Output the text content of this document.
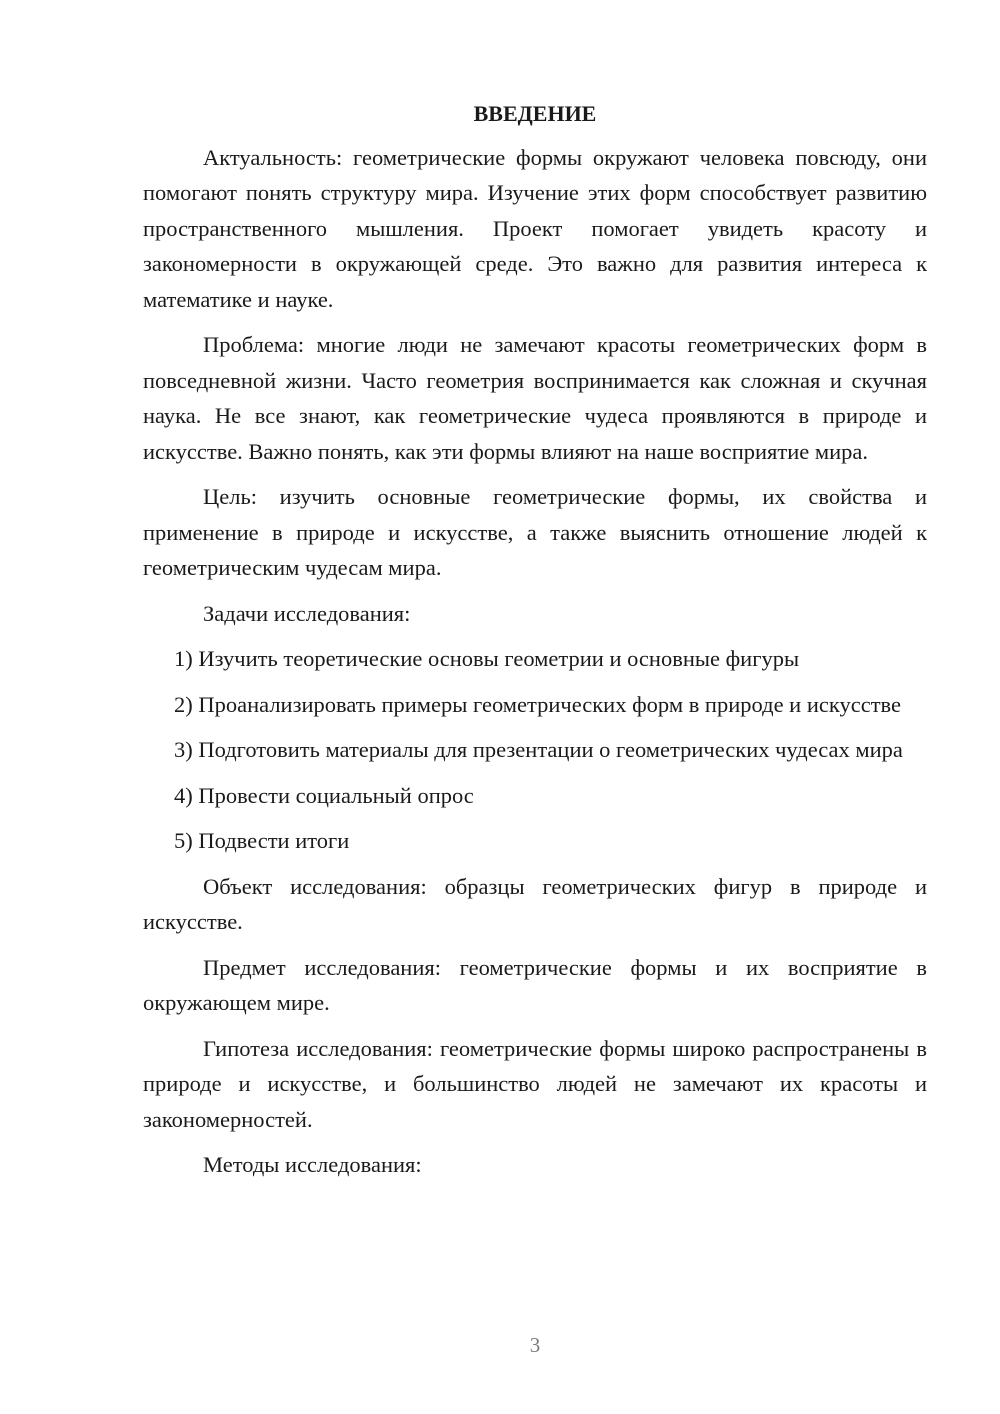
ВВЕДЕНИЕ

Актуальность: геометрические формы окружают человека повсюду, они помогают понять структуру мира. Изучение этих форм способствует развитию пространственного мышления. Проект помогает увидеть красоту и закономерности в окружающей среде. Это важно для развития интереса к математике и науке.

Проблема: многие люди не замечают красоты геометрических форм в повседневной жизни. Часто геометрия воспринимается как сложная и скучная наука. Не все знают, как геометрические чудеса проявляются в природе и искусстве. Важно понять, как эти формы влияют на наше восприятие мира.

Цель: изучить основные геометрические формы, их свойства и применение в природе и искусстве, а также выяснить отношение людей к геометрическим чудесам мира.

Задачи исследования:

1) Изучить теоретические основы геометрии и основные фигуры

2) Проанализировать примеры геометрических форм в природе и искусстве

3) Подготовить материалы для презентации о геометрических чудесах мира

4) Провести социальный опрос

5) Подвести итоги

Объект исследования: образцы геометрических фигур в природе и искусстве.

Предмет исследования: геометрические формы и их восприятие в окружающем мире.

Гипотеза исследования: геометрические формы широко распространены в природе и искусстве, и большинство людей не замечают их красоты и закономерностей.

Методы исследования:

3
